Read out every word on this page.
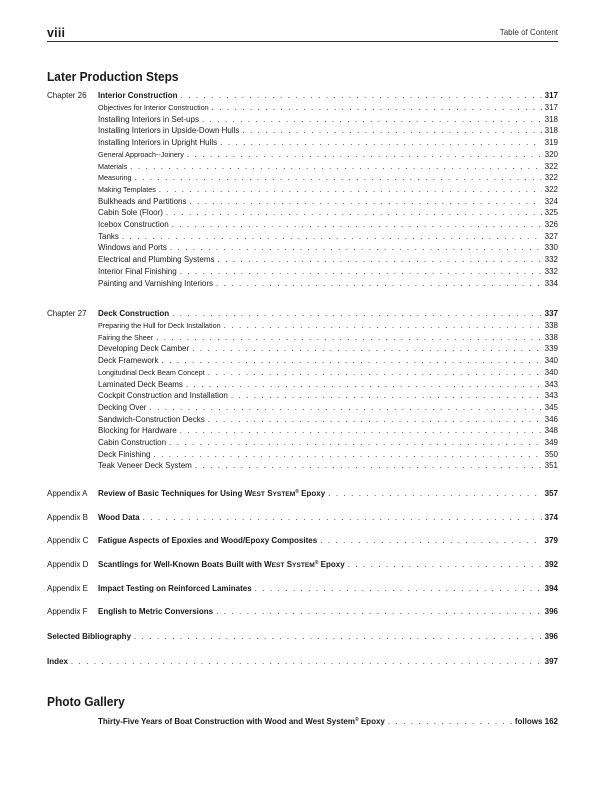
viii	Table of Content
Later Production Steps
Chapter 26 Interior Construction . . .	317
Objectives for Interior Construction . . .	317
Installing Interiors in Set-ups . . .	318
Installing Interiors in Upside-Down Hulls . . .	318
Installing Interiors in Upright Hulls . . .	319
General Approach--Joinery . . .	320
Materials . . .	322
Measuring . . .	322
Making Templates . . .	322
Bulkheads and Partitions . . .	324
Cabin Sole (Floor) . . .	325
Icebox Construction . . .	326
Tanks . . .	327
Windows and Ports . . .	330
Electrical and Plumbing Systems . . .	332
Interior Final Finishing . . .	332
Painting and Varnishing Interiors . . .	334
Chapter 27 Deck Construction . . .	337
Preparing the Hull for Deck Installation . . .	338
Fairing the Sheer . . .	338
Developing Deck Camber . . .	339
Deck Framework . . .	340
Longitudinal Deck Beam Concept . . .	340
Laminated Deck Beams . . .	343
Cockpit Construction and Installation . . .	343
Decking Over . . .	345
Sandwich-Construction Decks . . .	346
Blocking for Hardware . . .	348
Cabin Construction . . .	349
Deck Finishing . . .	350
Teak Veneer Deck System . . .	351
Appendix A Review of Basic Techniques for Using WEST SYSTEM® Epoxy . . .	357
Appendix B Wood Data . . .	374
Appendix C Fatigue Aspects of Epoxies and Wood/Epoxy Composites . . .	379
Appendix D Scantlings for Well-Known Boats Built with WEST SYSTEM® Epoxy . . .	392
Appendix E Impact Testing on Reinforced Laminates . . .	394
Appendix F English to Metric Conversions . . .	396
Selected Bibliography . . .	396
Index . . .	397
Photo Gallery
Thirty-Five Years of Boat Construction with Wood and West System® Epoxy . . .	follows 162
